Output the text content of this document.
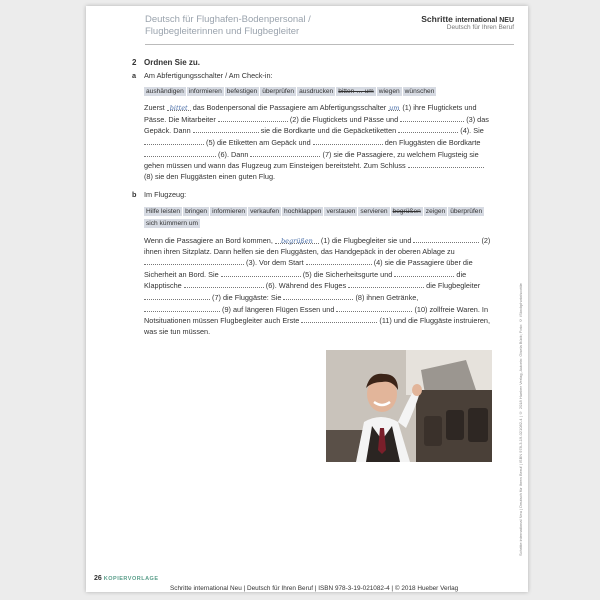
Deutsch für Flughafen-Bodenpersonal /
Flugbegleiterinnen und Flugbegleiter
Schritte international NEU
Deutsch für Ihren Beruf
2 Ordnen Sie zu.
a	Am Abfertigungsschalter / Am Check-in:
aushändigen informieren befestigen überprüfen ausdrucken bitten … um wiegen wünschen
Zuerst bittet das Bodenpersonal die Passagiere am Abfertigungsschalter um (1) ihre Flugtickets und Pässe. Die Mitarbeiter	(2) die Flugtickets und Pässe und	(3) das Gepäck. Dann	sie die Bordkarte und die Gepäcketiketten	(4). Sie  (5) die Etiketten am Gepäck und	den Fluggästen die Bordkarte  (6). Dann	(7) sie die Passagiere, zu welchem Flugsteig sie gehen müssen und wann das Flugzeug zum Einsteigen bereitsteht. Zum Schluss  (8) sie den Fluggästen einen guten Flug.
b	Im Flugzeug:
Hilfe leisten bringen informieren verkaufen hochklappen verstauen servieren begrüßen zeigen überprüfensich kümmern um
Wenn die Passagiere an Bord kommen, begrüßen (1) die Flugbegleiter sie und	(2) ihnen ihren Sitzplatz. Dann helfen sie den Fluggästen, das Handgepäck in der oberen Ablage zu  (3). Vor dem Start	(4) sie die Passagiere über die Sicherheit an Bord. Sie	(5) die Sicherheitsgurte und	die Klapptische	(6). Während des Fluges	die Flugbegleiter  (7) die Fluggäste: Sie	(8) ihnen Getränke,  (9) auf längeren Flügen Essen und	(10) zollfreie Waren. In Notsituationen müssen Flugbegleiter auch Erste	(11) und die Fluggäste instruieren, was sie tun müssen.	Schritte international Neu | Deutsch für Ihren Beruf | ISBN 978-3-19-021082-4 | © 2018 Hueber Verlag, Autorin: Gisela Bück; Foto: © iStockphoto/scottie
26 KOPIERVORLAGE
Schritte international Neu | Deutsch für Ihren Beruf | ISBN 978-3-19-021082-4 | © 2018 Hueber Verlag
